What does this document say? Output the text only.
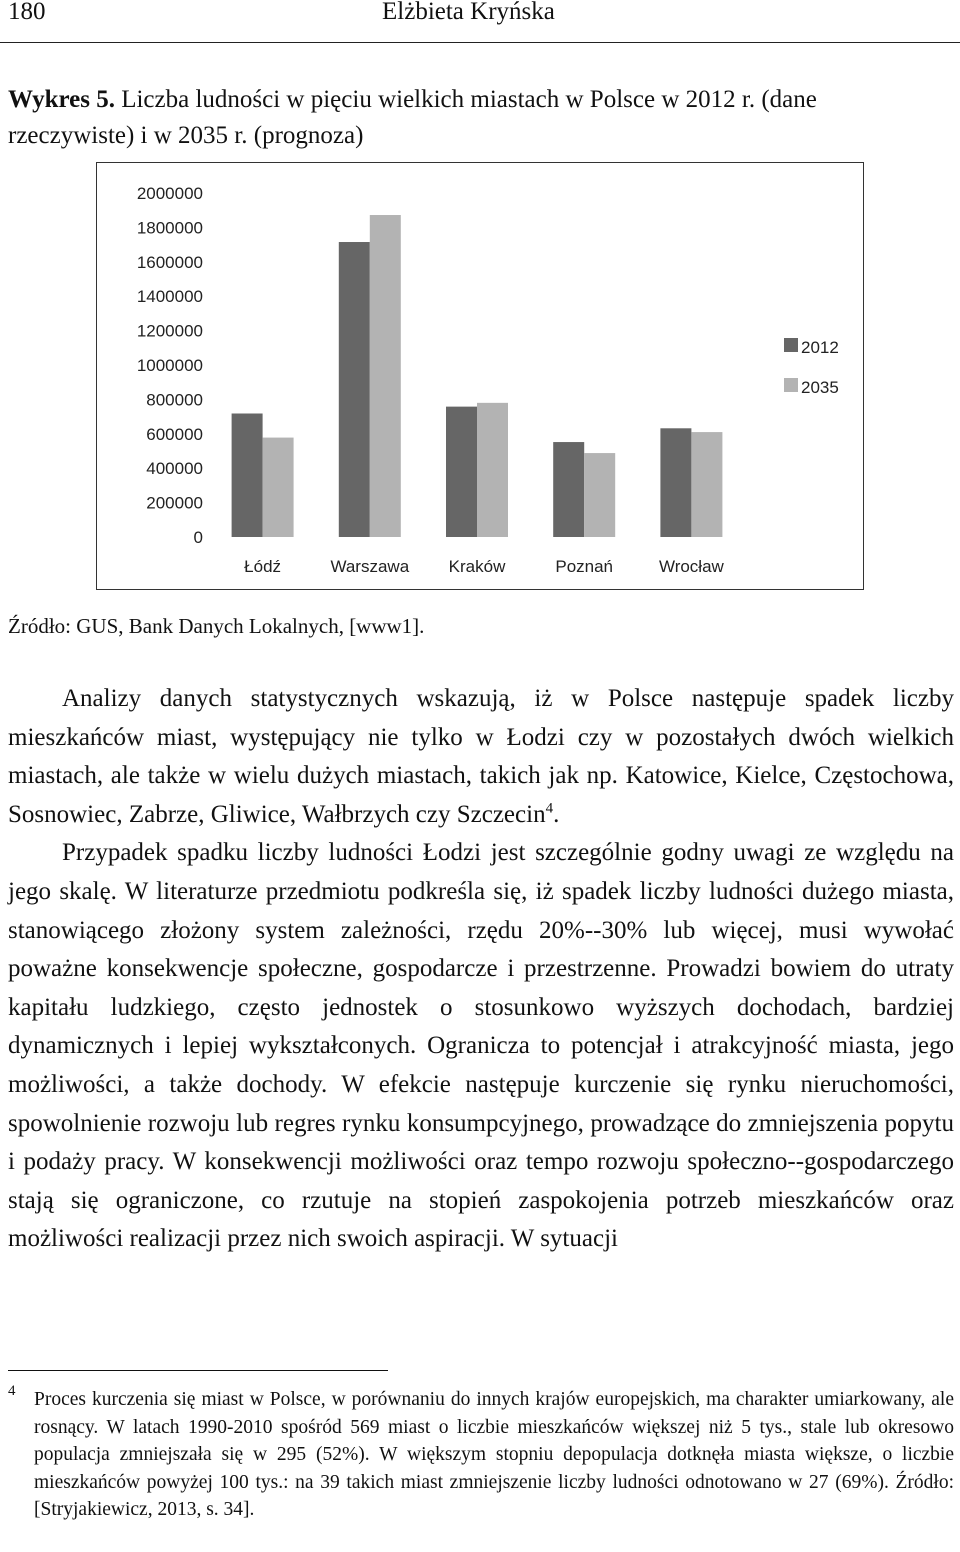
180	Elżbieta Kryńska
Wykres 5. Liczba ludności w pięciu wielkich miastach w Polsce w 2012 r. (dane rzeczywiste) i w 2035 r. (prognoza)
0
200000
400000
600000
800000
1000000
1200000
1400000
1600000
1800000
2000000
Łódź	Warszawa Kraków	Poznań	Wrocław
2012
2035
Źródło: GUS, Bank Danych Lokalnych, [www1].

Analizy danych statystycznych wskazują, iż w Polsce następuje spadek liczby mieszkańców miast, występujący nie tylko w Łodzi czy w pozostałych dwóch wielkich miastach, ale także w wielu dużych miastach, takich jak np. Katowice, Kielce, Częstochowa, Sosnowiec, Zabrze, Gliwice, Wałbrzych czy Szczecin$^4$.

Przypadek spadku liczby ludności Łodzi jest szczególnie godny uwagi ze względu na jego skalę. W literaturze przedmiotu podkreśla się, iż spadek liczby ludności dużego miasta, stanowiącego złożony system zależności, rzędu 20%--30% lub więcej, musi wywołać poważne konsekwencje społeczne, gospodarcze i przestrzenne. Prowadzi bowiem do utraty kapitału ludzkiego, często jednostek o stosunkowo wyższych dochodach, bardziej dynamicznych i lepiej wykształconych. Ogranicza to potencjał i atrakcyjność miasta, jego możliwości, a także dochody. W efekcie następuje kurczenie się rynku nieruchomości, spowolnienie rozwoju lub regres rynku konsumpcyjnego, prowadzące do zmniejszenia popytu i podaży pracy. W konsekwencji możliwości oraz tempo rozwoju społeczno--gospodarczego stają się ograniczone, co rzutuje na stopień zaspokojenia potrzeb mieszkańców oraz możliwości realizacji przez nich swoich aspiracji. W sytuacji

4 Proces kurczenia się miast w Polsce, w porównaniu do innych krajów europejskich, ma charakter umiarkowany, ale rosnący. W latach 1990-2010 spośród 569 miast o liczbie mieszkańców większej niż 5 tys., stale lub okresowo populacja zmniejszała się w 295 (52%). W większym stopniu depopulacja dotknęła miasta większe, o liczbie mieszkańców powyżej 100 tys.: na 39 takich miast zmniejszenie liczby ludności odnotowano w 27 (69%). Źródło: [Stryjakiewicz, 2013, s. 34].
